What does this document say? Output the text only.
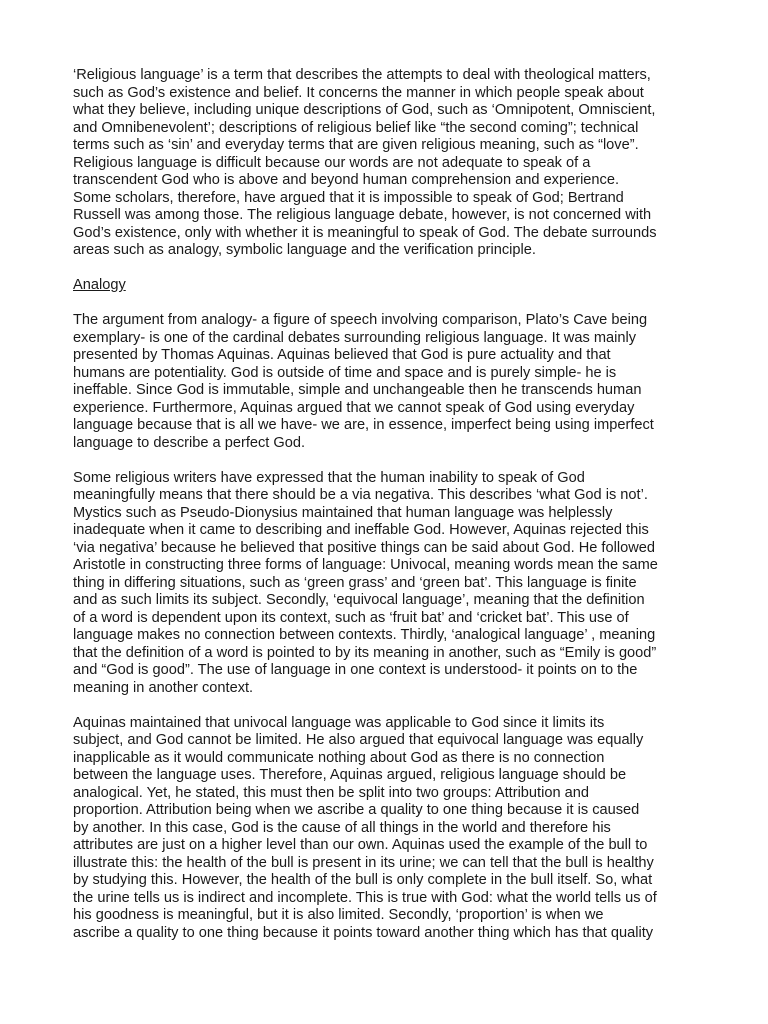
‘Religious language’ is a term that describes the attempts to deal with theological matters,
such as God’s existence and belief. It concerns the manner in which people speak about
what they believe, including unique descriptions of God, such as ‘Omnipotent, Omniscient,
and Omnibenevolent’; descriptions of religious belief like “the second coming”; technical
terms such as ‘sin’ and everyday terms that are given religious meaning, such as “love”.
Religious language is difficult because our words are not adequate to speak of a
transcendent God who is above and beyond human comprehension and experience.
Some scholars, therefore, have argued that it is impossible to speak of God; Bertrand
Russell was among those. The religious language debate, however, is not concerned with
God’s existence, only with whether it is meaningful to speak of God. The debate surrounds
areas such as analogy, symbolic language and the verification principle.

Analogy

The argument from analogy- a figure of speech involving comparison, Plato’s Cave being
exemplary- is one of the cardinal debates surrounding religious language. It was mainly
presented by Thomas Aquinas. Aquinas believed that God is pure actuality and that
humans are potentiality. God is outside of time and space and is purely simple- he is
ineffable. Since God is immutable, simple and unchangeable then he transcends human
experience. Furthermore, Aquinas argued that we cannot speak of God using everyday
language because that is all we have- we are, in essence, imperfect being using imperfect
language to describe a perfect God.

Some religious writers have expressed that the human inability to speak of God
meaningfully means that there should be a via negativa. This describes ‘what God is not’.
Mystics such as Pseudo-Dionysius maintained that human language was helplessly
inadequate when it came to describing and ineffable God. However, Aquinas rejected this
‘via negativa’ because he believed that positive things can be said about God. He followed
Aristotle in constructing three forms of language: Univocal, meaning words mean the same
thing in differing situations, such as ‘green grass’ and ‘green bat’. This language is finite
and as such limits its subject. Secondly, ‘equivocal language’, meaning that the definition
of a word is dependent upon its context, such as ‘fruit bat’ and ‘cricket bat’. This use of
language makes no connection between contexts. Thirdly, ‘analogical language’ , meaning
that the definition of a word is pointed to by its meaning in another, such as “Emily is good”
and “God is good”. The use of language in one context is understood- it points on to the
meaning in another context.

Aquinas maintained that univocal language was applicable to God since it limits its
subject, and God cannot be limited. He also argued that equivocal language was equally
inapplicable as it would communicate nothing about God as there is no connection
between the language uses. Therefore, Aquinas argued, religious language should be
analogical. Yet, he stated, this must then be split into two groups: Attribution and
proportion. Attribution being when we ascribe a quality to one thing because it is caused
by another. In this case, God is the cause of all things in the world and therefore his
attributes are just on a higher level than our own. Aquinas used the example of the bull to
illustrate this: the health of the bull is present in its urine; we can tell that the bull is healthy
by studying this. However, the health of the bull is only complete in the bull itself. So, what
the urine tells us is indirect and incomplete. This is true with God: what the world tells us of
his goodness is meaningful, but it is also limited. Secondly, ‘proportion’ is when we
ascribe a quality to one thing because it points toward another thing which has that quality
